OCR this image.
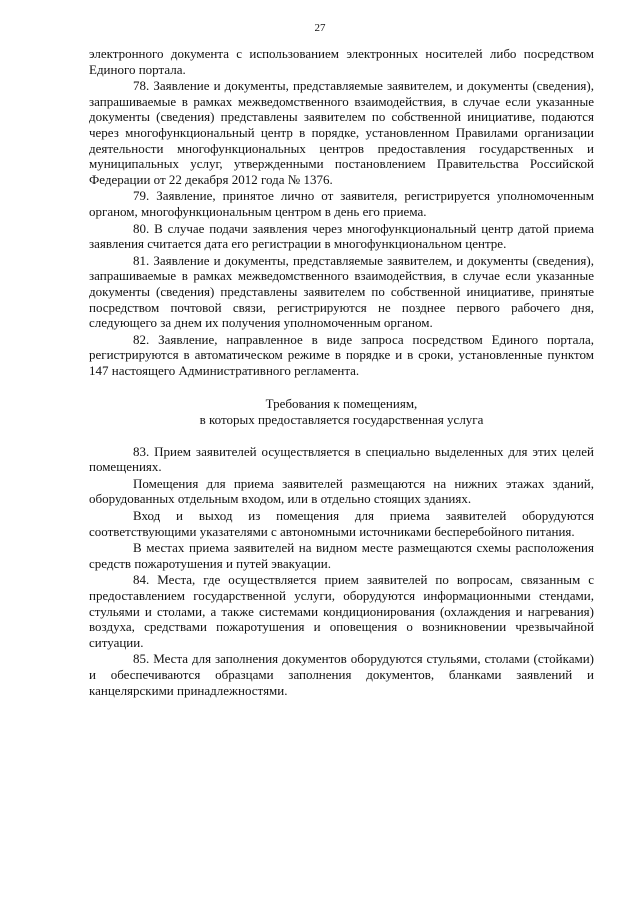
27

электронного документа с использованием электронных носителей либо посредством Единого портала.

78. Заявление и документы, представляемые заявителем, и документы (сведения), запрашиваемые в рамках межведомственного взаимодействия, в случае если указанные документы (сведения) представлены заявителем по собственной инициативе, подаются через многофункциональный центр в порядке, установленном Правилами организации деятельности многофункциональных центров предоставления государственных и муниципальных услуг, утвержденными постановлением Правительства Российской Федерации от 22 декабря 2012 года № 1376.

79. Заявление, принятое лично от заявителя, регистрируется уполномоченным органом, многофункциональным центром в день его приема.

80. В случае подачи заявления через многофункциональный центр датой приема заявления считается дата его регистрации в многофункциональном центре.

81. Заявление и документы, представляемые заявителем, и документы (сведения), запрашиваемые в рамках межведомственного взаимодействия, в случае если указанные документы (сведения) представлены заявителем по собственной инициативе, принятые посредством почтовой связи, регистрируются не позднее первого рабочего дня, следующего за днем их получения уполномоченным органом.

82. Заявление, направленное в виде запроса посредством Единого портала, регистрируются в автоматическом режиме в порядке и в сроки, установленные пунктом 147 настоящего Административного регламента.

Требования к помещениям,
в которых предоставляется государственная услуга

83. Прием заявителей осуществляется в специально выделенных для этих целей помещениях.

Помещения для приема заявителей размещаются на нижних этажах зданий, оборудованных отдельным входом, или в отдельно стоящих зданиях.

Вход и выход из помещения для приема заявителей оборудуются соответствующими указателями с автономными источниками бесперебойного питания.

В местах приема заявителей на видном месте размещаются схемы расположения средств пожаротушения и путей эвакуации.

84. Места, где осуществляется прием заявителей по вопросам, связанным с предоставлением государственной услуги, оборудуются информационными стендами, стульями и столами, а также системами кондиционирования (охлаждения и нагревания) воздуха, средствами пожаротушения и оповещения о возникновении чрезвычайной ситуации.

85. Места для заполнения документов оборудуются стульями, столами (стойками) и обеспечиваются образцами заполнения документов, бланками заявлений и канцелярскими принадлежностями.
